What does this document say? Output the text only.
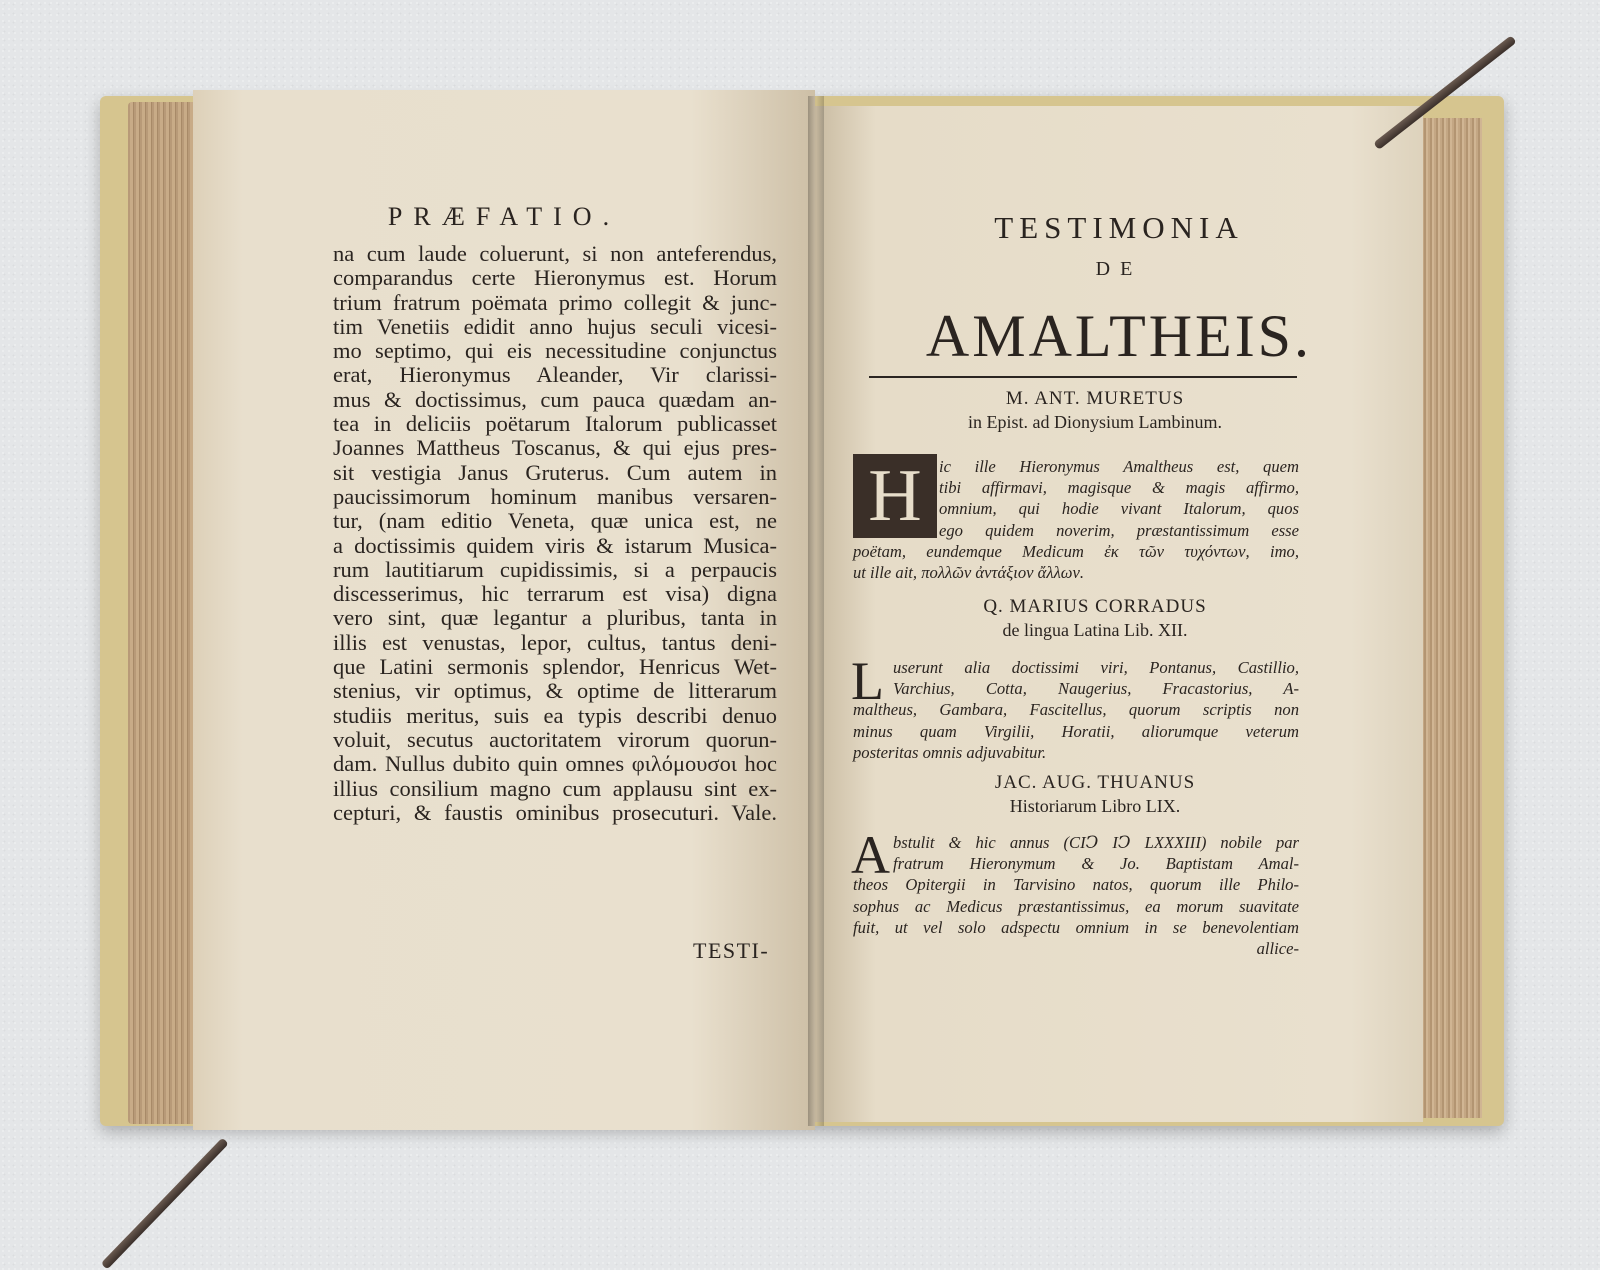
PRÆFATIO.
na cum laude coluerunt, si non anteferendus,
comparandus certe Hieronymus est. Horum
trium fratrum poëmata primo collegit & junc-
tim Venetiis edidit anno hujus seculi vicesi-
mo septimo, qui eis necessitudine conjunctus
erat, Hieronymus Aleander, Vir clarissi-
mus & doctissimus, cum pauca quædam an-
tea in deliciis poëtarum Italorum publicasset
Joannes Mattheus Toscanus, & qui ejus pres-
sit vestigia Janus Gruterus. Cum autem in
paucissimorum hominum manibus versaren-
tur, (nam editio Veneta, quæ unica est, ne
a doctissimis quidem viris & istarum Musica-
rum lautitiarum cupidissimis, si a perpaucis
discesserimus, hic terrarum est visa) digna
vero sint, quæ legantur a pluribus, tanta in
illis est venustas, lepor, cultus, tantus deni-
que Latini sermonis splendor, Henricus Wet-
stenius, vir optimus, & optime de litterarum
studiis meritus, suis ea typis describi denuo
voluit, secutus auctoritatem virorum quorun-
dam. Nullus dubito quin omnes φιλόμουσοι hoc
illius consilium magno cum applausu sint ex-
cepturi, & faustis ominibus prosecuturi. Vale.
TESTI-
TESTIMONIA
DE
AMALTHEIS.
M. ANT. MURETUS
in Epist. ad Dionysium Lambinum.
H	ic ille Hieronymus Amaltheus est, quem
tibi affirmavi, magisque & magis affirmo,
omnium, qui hodie vivant Italorum, quos
ego quidem noverim, præstantissimum esse
poëtam, eundemque Medicum ἐκ τῶν τυχόντων, imo,
ut ille ait, πολλῶν ἀντάξιον ἄλλων.
Q. MARIUS CORRADUS
de lingua Latina Lib. XII.
L userunt alia doctissimi viri, Pontanus, Castillio,
Varchius, Cotta, Naugerius, Fracastorius, A-
maltheus, Gambara, Fascitellus, quorum scriptis non
minus quam Virgilii, Horatii, aliorumque veterum
posteritas omnis adjuvabitur.
JAC. AUG. THUANUS
Historiarum Libro LIX.
A bstulit & hic annus (CIↃ IↃ LXXXIII) nobile par
fratrum Hieronymum & Jo. Baptistam Amal-
theos Opitergii in Tarvisino natos, quorum ille Philo-
sophus ac Medicus præstantissimus, ea morum suavitate
fuit, ut vel solo adspectu omnium in se benevolentiam
allice-
